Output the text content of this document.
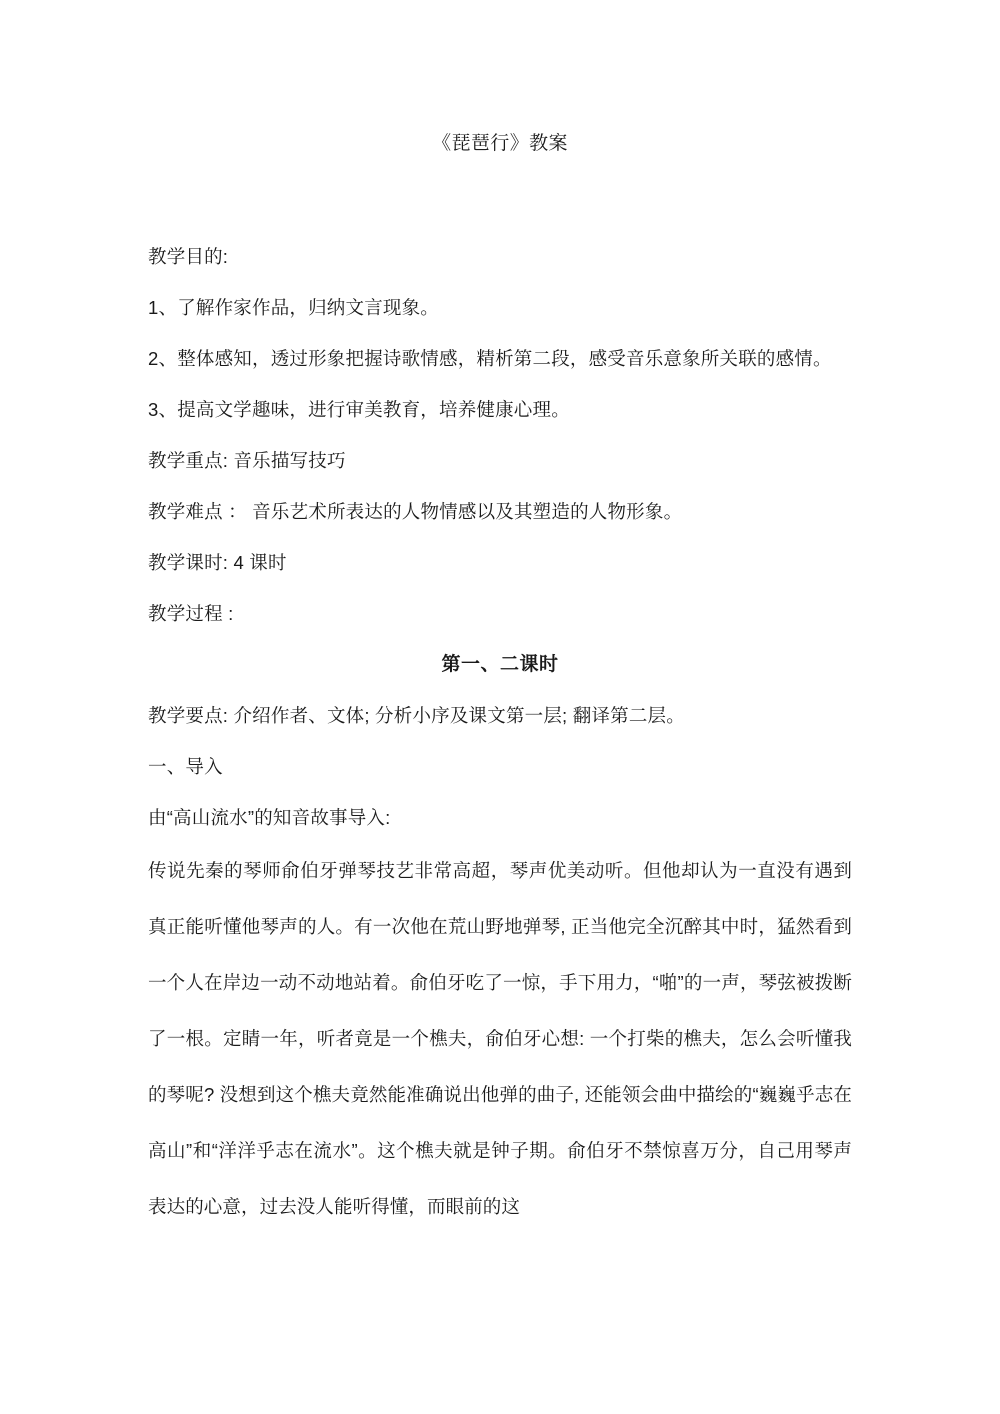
《琵琶行》教案

教学目的:

1、了解作家作品，归纳文言现象。

2、整体感知，透过形象把握诗歌情感，精析第二段，感受音乐意象所关联的感情。

3、提高文学趣味，进行审美教育，培养健康心理。

教学重点: 音乐描写技巧

教学难点 ： 音乐艺术所表达的人物情感以及其塑造的人物形象。

教学课时: 4 课时

教学过程 :

第一、二课时

教学要点: 介绍作者、文体; 分析小序及课文第一层; 翻译第二层。

一、导入

由“高山流水”的知音故事导入:

传说先秦的琴师俞伯牙弹琴技艺非常高超，琴声优美动听。但他却认为一直没有遇到真正能听懂他琴声的人。有一次他在荒山野地弹琴, 正当他完全沉醉其中时，猛然看到一个人在岸边一动不动地站着。俞伯牙吃了一惊，手下用力，“啪”的一声，琴弦被拨断了一根。定睛一年，听者竟是一个樵夫，俞伯牙心想: 一个打柴的樵夫，怎么会听懂我的琴呢? 没想到这个樵夫竟然能准确说出他弹的曲子, 还能领会曲中描绘的“巍巍乎志在高山”和“洋洋乎志在流水”。这个樵夫就是钟子期。俞伯牙不禁惊喜万分，自己用琴声表达的心意，过去没人能听得懂，而眼前的这
